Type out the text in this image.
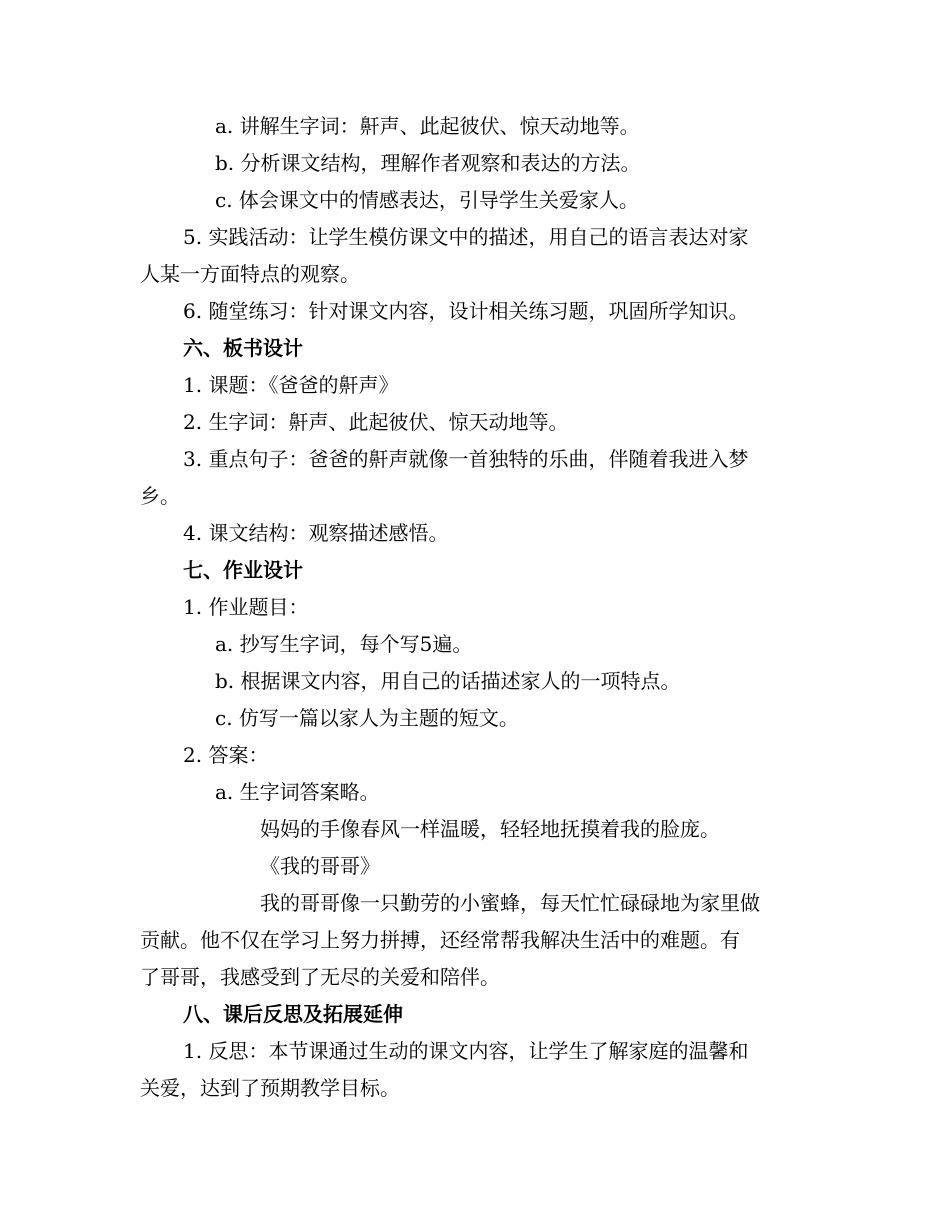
a. 讲解生字词：鼾声、此起彼伏、惊天动地等。
b. 分析课文结构，理解作者观察和表达的方法。
c. 体会课文中的情感表达，引导学生关爱家人。
5. 实践活动：让学生模仿课文中的描述，用自己的语言表达对家
人某一方面特点的观察。
6. 随堂练习：针对课文内容，设计相关练习题，巩固所学知识。
六、板书设计
1. 课题：《爸爸的鼾声》
2. 生字词：鼾声、此起彼伏、惊天动地等。
3. 重点句子：爸爸的鼾声就像一首独特的乐曲，伴随着我进入梦
乡。
4. 课文结构：观察描述感悟。
七、作业设计
1. 作业题目：
a. 抄写生字词，每个写5遍。
b. 根据课文内容，用自己的话描述家人的一项特点。
c. 仿写一篇以家人为主题的短文。
2. 答案：
a. 生字词答案略。
妈妈的手像春风一样温暖，轻轻地抚摸着我的脸庞。
《我的哥哥》
我的哥哥像一只勤劳的小蜜蜂，每天忙忙碌碌地为家里做
贡献。他不仅在学习上努力拼搏，还经常帮我解决生活中的难题。有
了哥哥，我感受到了无尽的关爱和陪伴。
八、课后反思及拓展延伸
1. 反思：本节课通过生动的课文内容，让学生了解家庭的温馨和
关爱，达到了预期教学目标。
